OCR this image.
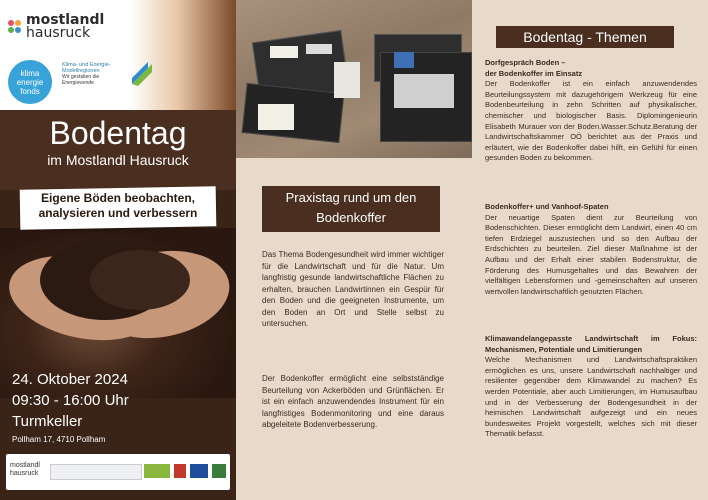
mostlandl
hausruck
klima
energie
fonds
Klima- und Energie-
Modellregionen
Wir gestalten die Energiewende
Bodentag
im Mostlandl Hausruck
Eigene Böden beobachten,
analysieren und verbessern
24. Oktober 2024
09:30 - 16:00 Uhr
Turmkeller
Pollham 17, 4710 Pollham
mostlandl
hausruck
Praxistag rund um den
Bodenkoffer
Das Thema Bodengesundheit wird immer wichtiger für die Landwirtschaft und für die Natur. Um langfristig gesunde landwirtschaftliche Flächen zu erhalten, brauchen Landwirtinnen ein Gespür für den Boden und die geeigneten Instrumente, um den Boden an Ort und Stelle selbst zu untersuchen.
Der Bodenkoffer ermöglicht eine selbstständige Beurteilung von Ackerböden und Grünflächen. Er ist ein einfach anzuwendendes Instrument für ein langfristiges Bodenmonitoring und eine daraus abgeleitete Bodenverbesserung.
Bodentag - Themen
Dorfgespräch Boden –
der Bodenkoffer im Einsatz
Der Bodenkoffer ist ein einfach anzuwendendes Beurteilungssystem mit dazugehörigem Werkzeug für eine Bodenbeurteilung in zehn Schritten auf physikalischer, chemischer und biologischer Basis. Diplomingenieurin Elisabeth Murauer von der Boden.Wasser.Schutz.Beratung der Landwirtschaftskammer OÖ berichtet aus der Praxis und erläutert, wie der Bodenkoffer dabei hilft, ein Gefühl für einen gesunden Boden zu bekommen.
Bodenkoffer+ und Vanhoof-Spaten
Der neuartige Spaten dient zur Beurteilung von Bodenschichten. Dieser ermöglicht dem Landwirt, einen 40 cm tiefen Erdziegel auszustechen und so den Aufbau der Erdschichten zu beurteilen. Ziel dieser Maßnahme ist der Aufbau und der Erhalt einer stabilen Bodenstruktur, die Förderung des Humusgehaltes und das Bewahren der vielfältigen Lebensformen und -gemeinschaften auf unseren wertvollen landwirtschaftlich genutzten Flächen.
Klimawandelangepasste Landwirtschaft im Fokus: Mechanismen, Potentiale und Limitierungen
Welche Mechanismen und Landwirtschaftspraktiken ermöglichen es uns, unsere Landwirtschaft nachhaltiger und resilienter gegenüber dem Klimawandel zu machen? Es werden Potentiale, aber auch Limitierungen, im Humusaufbau und in der Verbesserung der Bodengesundheit in der heimischen Landwirtschaft aufgezeigt und ein neues bundesweites Projekt vorgestellt, welches sich mit dieser Thematik befasst.
